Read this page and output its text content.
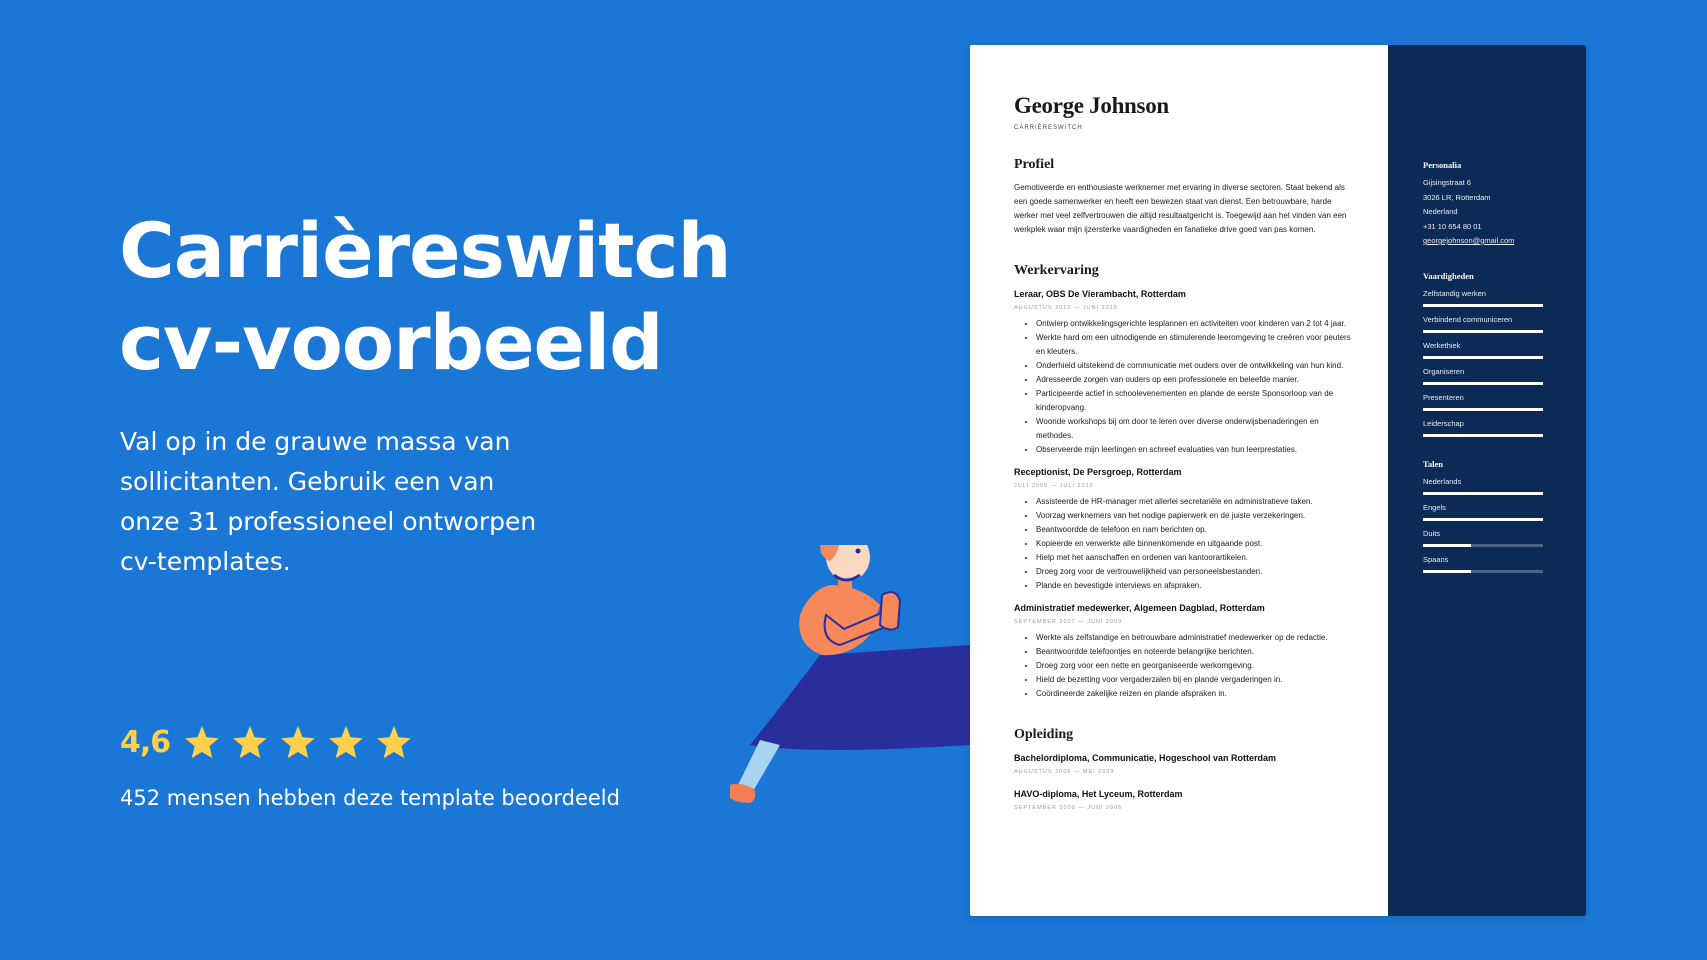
Carrièreswitch
cv-voorbeeld

Val op in de grauwe massa van sollicitanten. Gebruik een van onze 31 professioneel ontworpen cv-templates.

4,6
452 mensen hebben deze template beoordeeld
George Johnson
CARRIÈRESWITCH
Profiel
Gemotiveerde en enthousiaste werknemer met ervaring in diverse sectoren. Staat bekend als een goede samenwerker en heeft een bewezen staat van dienst. Een betrouwbare, harde werker met veel zelfvertrouwen die altijd resultaatgericht is. Toegewijd aan het vinden van een werkplek waar mijn ijzersterke vaardigheden en fanatieke drive goed van pas komen.
Werkervaring
Leraar, OBS De Vierambacht, Rotterdam
AUGUSTUS 2012 — JUNI 2019
• Ontwierp ontwikkelingsgerichte lesplannen en activiteiten voor kinderen van 2 tot 4 jaar.
• Werkte hard om een uitnodigende en stimulerende leeromgeving te creëren voor peuters en kleuters.
• Onderhield uitstekend de communicatie met ouders over de ontwikkeling van hun kind.
• Adresseerde zorgen van ouders op een professionele en beleefde manier.
• Participeerde actief in schoolevenementen en plande de eerste Sponsorloop van de kinderopvang.
• Woonde workshops bij om door te leren over diverse onderwijsbenaderingen en methodes.
• Observeerde mijn leerlingen en schreef evaluaties van hun leerprestaties.
Receptionist, De Persgroep, Rotterdam
JULI 2009 — JULI 2012
• Assisteerde de HR-manager met allerlei secretariële en administratieve taken.
• Voorzag werknemers van het nodige papierwerk en de juiste verzekeringen.
• Beantwoordde de telefoon en nam berichten op.
• Kopieerde en verwerkte alle binnenkomende en uitgaande post.
• Hielp met het aanschaffen en ordenen van kantoorartikelen.
• Droeg zorg voor de vertrouwelijkheid van personeelsbestanden.
• Plande en bevestigde interviews en afspraken.
Administratief medewerker, Algemeen Dagblad, Rotterdam
SEPTEMBER 2007 — JUNI 2009
• Werkte als zelfstandige en betrouwbare administratief medewerker op de redactie.
• Beantwoordde telefoontjes en noteerde belangrijke berichten.
• Droeg zorg voor een nette en georganiseerde werkomgeving.
• Hield de bezetting voor vergaderzalen bij en plande vergaderingen in.
• Coördineerde zakelijke reizen en plande afspraken in.
Opleiding
Bachelordiploma, Communicatie, Hogeschool van Rotterdam
AUGUSTUS 2005 — MEI 2009
HAVO-diploma, Het Lyceum, Rotterdam
SEPTEMBER 2000 — JUNI 2005
Personalia
Gijsingstraat 6
3026 LR, Rotterdam
Nederland
+31 10 654 80 01
georgejohnson@gmail.com
Vaardigheden
Zelfstandig werken
Verbindend communiceren
Werkethiek
Organiseren
Presenteren
Leiderschap
Talen
Nederlands
Engels
Duits
Spaans
